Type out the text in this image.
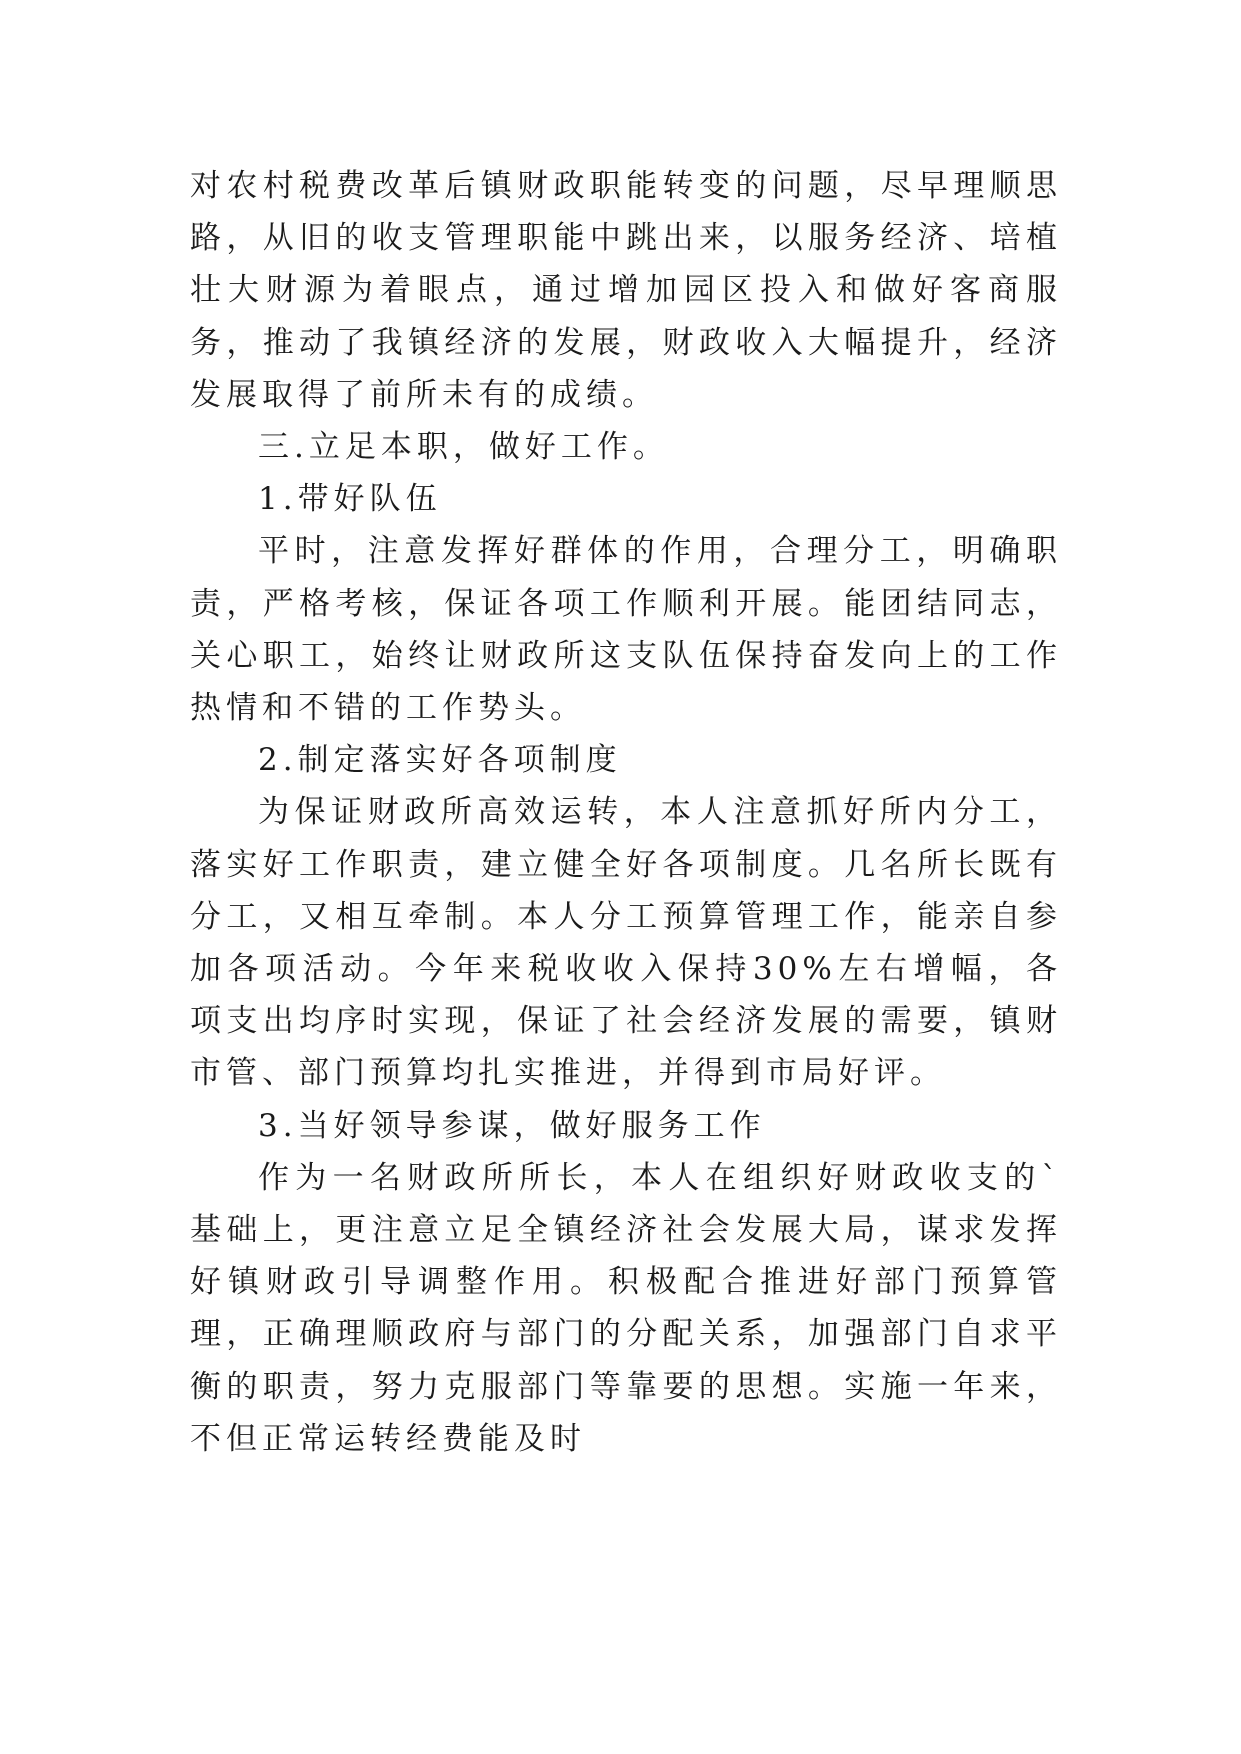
对农村税费改革后镇财政职能转变的问题，尽早理顺思路，从旧的收支管理职能中跳出来，以服务经济、培植壮大财源为着眼点，通过增加园区投入和做好客商服务，推动了我镇经济的发展，财政收入大幅提升，经济发展取得了前所未有的成绩。

三.立足本职，做好工作。

1.带好队伍

平时，注意发挥好群体的作用，合理分工，明确职责，严格考核，保证各项工作顺利开展。能团结同志，关心职工，始终让财政所这支队伍保持奋发向上的工作热情和不错的工作势头。

2.制定落实好各项制度

为保证财政所高效运转，本人注意抓好所内分工，落实好工作职责，建立健全好各项制度。几名所长既有分工，又相互牵制。本人分工预算管理工作，能亲自参加各项活动。今年来税收收入保持30%左右增幅，各项支出均序时实现，保证了社会经济发展的需要，镇财市管、部门预算均扎实推进，并得到市局好评。

3.当好领导参谋，做好服务工作

作为一名财政所所长，本人在组织好财政收支的`基础上，更注意立足全镇经济社会发展大局，谋求发挥好镇财政引导调整作用。积极配合推进好部门预算管理，正确理顺政府与部门的分配关系，加强部门自求平衡的职责，努力克服部门等靠要的思想。实施一年来，不但正常运转经费能及时
